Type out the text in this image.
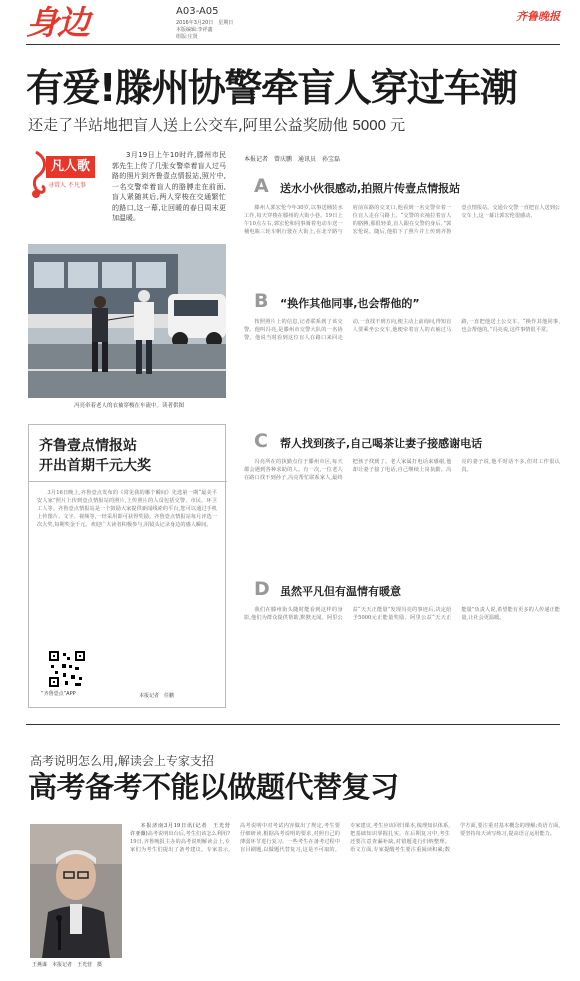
身边	A03-A05
2016年3月20日　星期日
本版编辑:李祥鑫
组版:庄贤
齐鲁晚报
有爱!滕州协警牵盲人穿过车潮
还走了半站地把盲人送上公交车,阿里公益奖励他 5000 元
凡人歌
寻常人 不凡事

3月19日上午10时许,滕州市民郭先生上传了几张女警牵着盲人过马路的照片到齐鲁壹点情报站,照片中,一名交警牵着盲人的胳膊走在前面,盲人紧随其后,两人穿梭在交通繁忙的路口,这一幕,让回暖的春日周末更加温暖。

冯亮牵着老人的衣袖穿梭在车流中。读者供图
齐鲁壹点情报站
开出首期千元大奖

3月16日晚上,齐鲁壹点发布的《常见我的哪个瞬间》先选第一期“最美平安人家”照片上传到壹点情报站的照片,上传照片的人员包括交警、市民、环卫工人等。齐鲁壹点情报站是一个鼓励大家提供新闻线索的平台,您可以通过手机上传图片、文字、视频等,一经采用即可获得奖励。齐鲁壹点情报站每月评选一次大奖,每期奖金千元。欢迎广大读者积极参与,用镜头记录身边的感人瞬间。

“齐鲁壹点”APP	本报记者　任鹏
本报记者　曾庆鹏　通讯员　孙宝磊
A 送水小伙很感动,拍照片传壹点情报站

滕州人郭宏伦今年30岁,以事送桶装水工作,每天穿梭在滕州的大街小巷。19日上午10点左右,郭宏伦和同事骑着电动车送一桶电瓶三轮车帆行驶在大街上,在北辛路与府前东路的交叉口,他看到一名交警牵着一位盲人走在马路上。“交警的衣袖拉着盲人的胳膊,那很轻柔,盲人跟在交警的身后。”郭宏伦说。随后,他拍下了照片并上传到齐鲁壹点情报站。交通台交警一直把盲人送到公交车上,这一幕让郭宏伦很感动。

B “换作其他同事,也会帮他的”

按照照片上的信息,记者联系到了该交警。他叫冯亮,是滕州市交警大队的一名协警。他说当时看到这位盲人在路口来回走动,一直找不到方向,便主动上前询问,得知盲人要乘坐公交车,他便牵着盲人的衣袖过马路,一直把他送上公交车。“换作其他同事,也会帮他的。”冯亮说,这件事情很平常。

C 帮人找到孩子,自己喝茶让妻子接感谢电话

冯亮所在的执勤点位于滕州市区,每天都会遇到各种求助的人。有一次,一位老人在路口找不到孙子,冯亮帮忙联系家人,最终把孩子找到了。老人家属打电话来感谢,他却让妻子接了电话,自己继续上岗执勤。冯亮的妻子说,他平时话不多,但对工作很认真。

D 虽然平凡但有温情有暖意

我们在滕州街头随时能看到这样的身影,他们为群众提供帮助,默默无闻。阿里公益“天天正能量”发现冯亮的事迹后,决定给予5000元正能量奖励。阿里公益“天天正能量”负责人说,希望能有更多的人传递正能量,让社会更温暖。

高考说明怎么用,解读会上专家支招
高考备考不能以做题代替复习
王燕谋　本报记者　王光营　摄

本报济南3月19日讯(记者　王光营　许亚薇)高考说明出台后,考生们该怎么利用?19日,齐鲁晚报主办的高考说明解读会上,专家们为考生们提出了备考建议。专家表示,高考说明中对考试内容做出了规定,考生要仔细研读,根据高考说明的要求,对照自己的薄弱环节进行复习。一些考生在备考过程中盲目刷题,以做题代替复习,这是不可取的。专家建议,考生应该回归课本,梳理知识体系,把基础知识掌握扎实。在后期复习中,考生还要注意查漏补缺,对错题进行归纳整理。语文方面,专家提醒考生要注重阅读积累;数学方面,要注重对基本概念的理解;英语方面,要坚持每天读写练习,提高语言运用能力。
